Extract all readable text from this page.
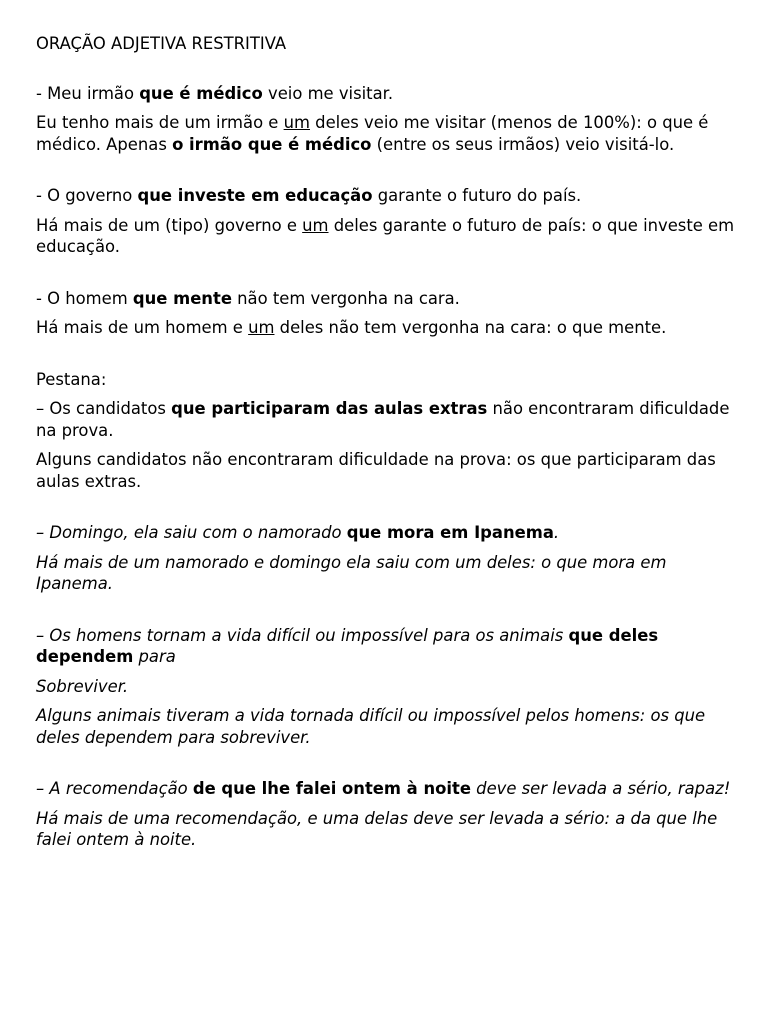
ORAÇÃO ADJETIVA RESTRITIVA

- Meu irmão que é médico veio me visitar.

Eu tenho mais de um irmão e um deles veio me visitar (menos de 100%): o que é médico. Apenas o irmão que é médico (entre os seus irmãos) veio visitá-lo.

- O governo que investe em educação garante o futuro do país.

Há mais de um (tipo) governo e um deles garante o futuro de país: o que investe em educação.

- O homem que mente não tem vergonha na cara.

Há mais de um homem e um deles não tem vergonha na cara: o que mente.

Pestana:

– Os candidatos que participaram das aulas extras não encontraram dificuldade na prova.

Alguns candidatos não encontraram dificuldade na prova: os que participaram das aulas extras.

– Domingo, ela saiu com o namorado que mora em Ipanema.

Há mais de um namorado e domingo ela saiu com um deles: o que mora em Ipanema.

– Os homens tornam a vida difícil ou impossível para os animais que deles dependem para

Sobreviver.

Alguns animais tiveram a vida tornada difícil ou impossível pelos homens: os que deles dependem para sobreviver.

– A recomendação de que lhe falei ontem à noite deve ser levada a sério, rapaz!

Há mais de uma recomendação, e uma delas deve ser levada a sério: a da que lhe falei ontem à noite.
